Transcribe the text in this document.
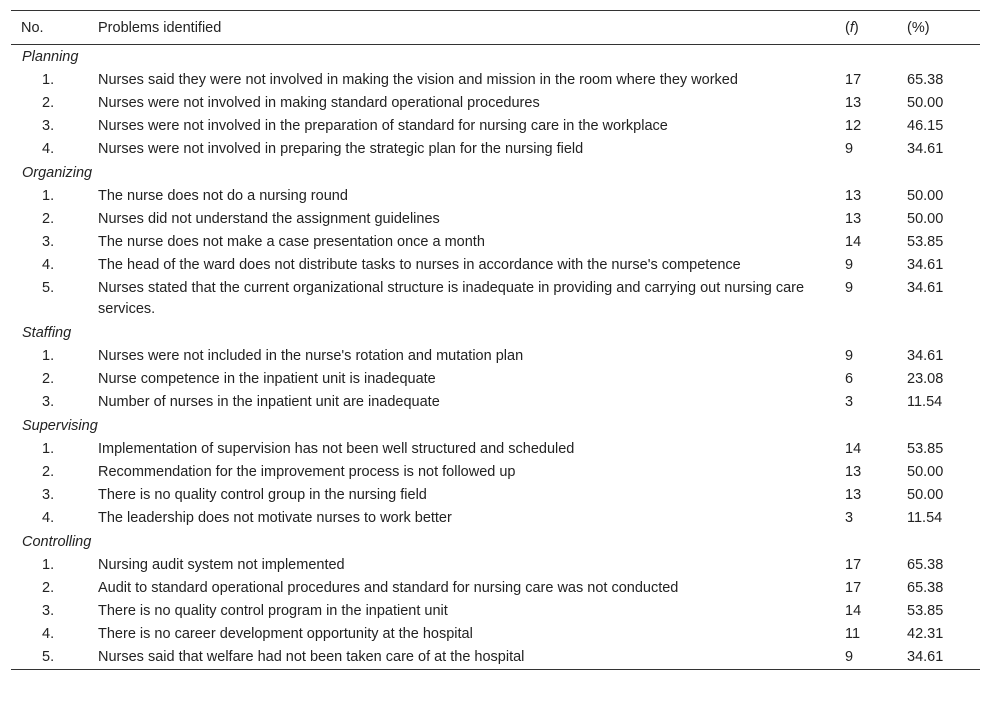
No.	Problems identified	(f)	(%)
Planning			
1.	Nurses said they were not involved in making the vision and mission in the room where they worked	17	65.38
2.	Nurses were not involved in making standard operational procedures	13	50.00
3.	Nurses were not involved in the preparation of standard for nursing care in the workplace	12	46.15
4.	Nurses were not involved in preparing the strategic plan for the nursing field	9	34.61
Organizing			
1.	The nurse does not do a nursing round	13	50.00
2.	Nurses did not understand the assignment guidelines	13	50.00
3.	The nurse does not make a case presentation once a month	14	53.85
4.	The head of the ward does not distribute tasks to nurses in accordance with the nurse's competence	9	34.61
5.	Nurses stated that the current organizational structure is inadequate in providing and carrying out nursing care services.	9	34.61
Staffing			
1.	Nurses were not included in the nurse's rotation and mutation plan	9	34.61
2.	Nurse competence in the inpatient unit is inadequate	6	23.08
3.	Number of nurses in the inpatient unit are inadequate	3	11.54
Supervising			
1.	Implementation of supervision has not been well structured and scheduled	14	53.85
2.	Recommendation for the improvement process is not followed up	13	50.00
3.	There is no quality control group in the nursing field	13	50.00
4.	The leadership does not motivate nurses to work better	3	11.54
Controlling			
1.	Nursing audit system not implemented	17	65.38
2.	Audit to standard operational procedures and standard for nursing care was not conducted	17	65.38
3.	There is no quality control program in the inpatient unit	14	53.85
4.	There is no career development opportunity at the hospital	11	42.31
5.	Nurses said that welfare had not been taken care of at the hospital	9	34.61
